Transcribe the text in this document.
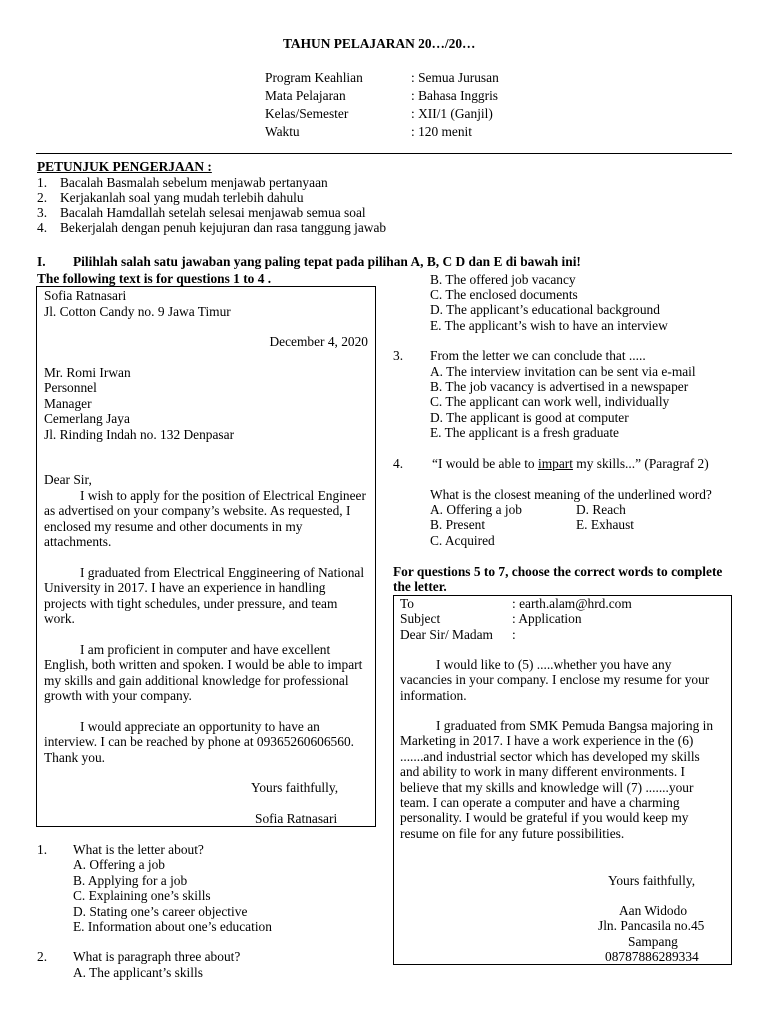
TAHUN PELAJARAN 20…/20…
Program Keahlian	: Semua Jurusan
Mata Pelajaran	: Bahasa Inggris
Kelas/Semester	: XII/1 (Ganjil)
Waktu	: 120 menit
PETUNJUK PENGERJAAN :
1. Bacalah Basmalah sebelum menjawab pertanyaan
2. Kerjakanlah soal yang mudah terlebih dahulu
3. Bacalah Hamdallah setelah selesai menjawab semua soal
4. Bekerjalah dengan penuh kejujuran dan rasa tanggung jawab
I. Pilihlah salah satu jawaban yang paling tepat pada pilihan A, B, C D dan E di bawah ini!
The following text is for questions 1 to 4 .
Sofia Ratnasari
Jl. Cotton Candy no. 9 Jawa Timur
December 4, 2020
Mr. Romi Irwan
Personnel
Manager
Cemerlang Jaya
Jl. Rinding Indah no. 132 Denpasar
Dear Sir,
I wish to apply for the position of Electrical Engineer as advertised on your company’s website. As requested, I enclosed my resume and other documents in my attachments.
I graduated from Electrical Enggineering of National University in 2017. I have an experience in handling projects with tight schedules, under pressure, and team work.
I am proficient in computer and have excellent English, both written and spoken. I would be able to impart my skills and gain additional knowledge for professional growth with your company.
I would appreciate an opportunity to have an interview. I can be reached by phone at 09365260606560. Thank you.
Yours faithfully,
Sofia Ratnasari
1. What is the letter about?
A. Offering a job
B. Applying for a job
C. Explaining one’s skills
D. Stating one’s career objective
E. Information about one’s education
2. What is paragraph three about?
A. The applicant’s skills
B. The offered job vacancy
C. The enclosed documents
D. The applicant’s educational background
E. The applicant’s wish to have an interview
3. From the letter we can conclude that .....
A. The interview invitation can be sent via e-mail
B. The job vacancy is advertised in a newspaper
C. The applicant can work well, individually
D. The applicant is good at computer
E. The applicant is a fresh graduate
4. “I would be able to impart my skills...” (Paragraf 2)
What is the closest meaning of the underlined word?
A. Offering a job	D. Reach
B. Present	E. Exhaust
C. Acquired
For questions 5 to 7, choose the correct words to complete the letter.
To	: earth.alam@hrd.com
Subject	: Application
Dear Sir/ Madam :
I would like to (5) .....whether you have any vacancies in your company. I enclose my resume for your information.
I graduated from SMK Pemuda Bangsa majoring in Marketing in 2017. I have a work experience in the (6) .......and industrial sector which has developed my skills and ability to work in many different environments. I believe that my skills and knowledge will (7) .......your team. I can operate a computer and have a charming personality. I would be grateful if you would keep my resume on file for any future possibilities.
Yours faithfully,
Aan Widodo
Jln. Pancasila no.45
Sampang
08787886289334
